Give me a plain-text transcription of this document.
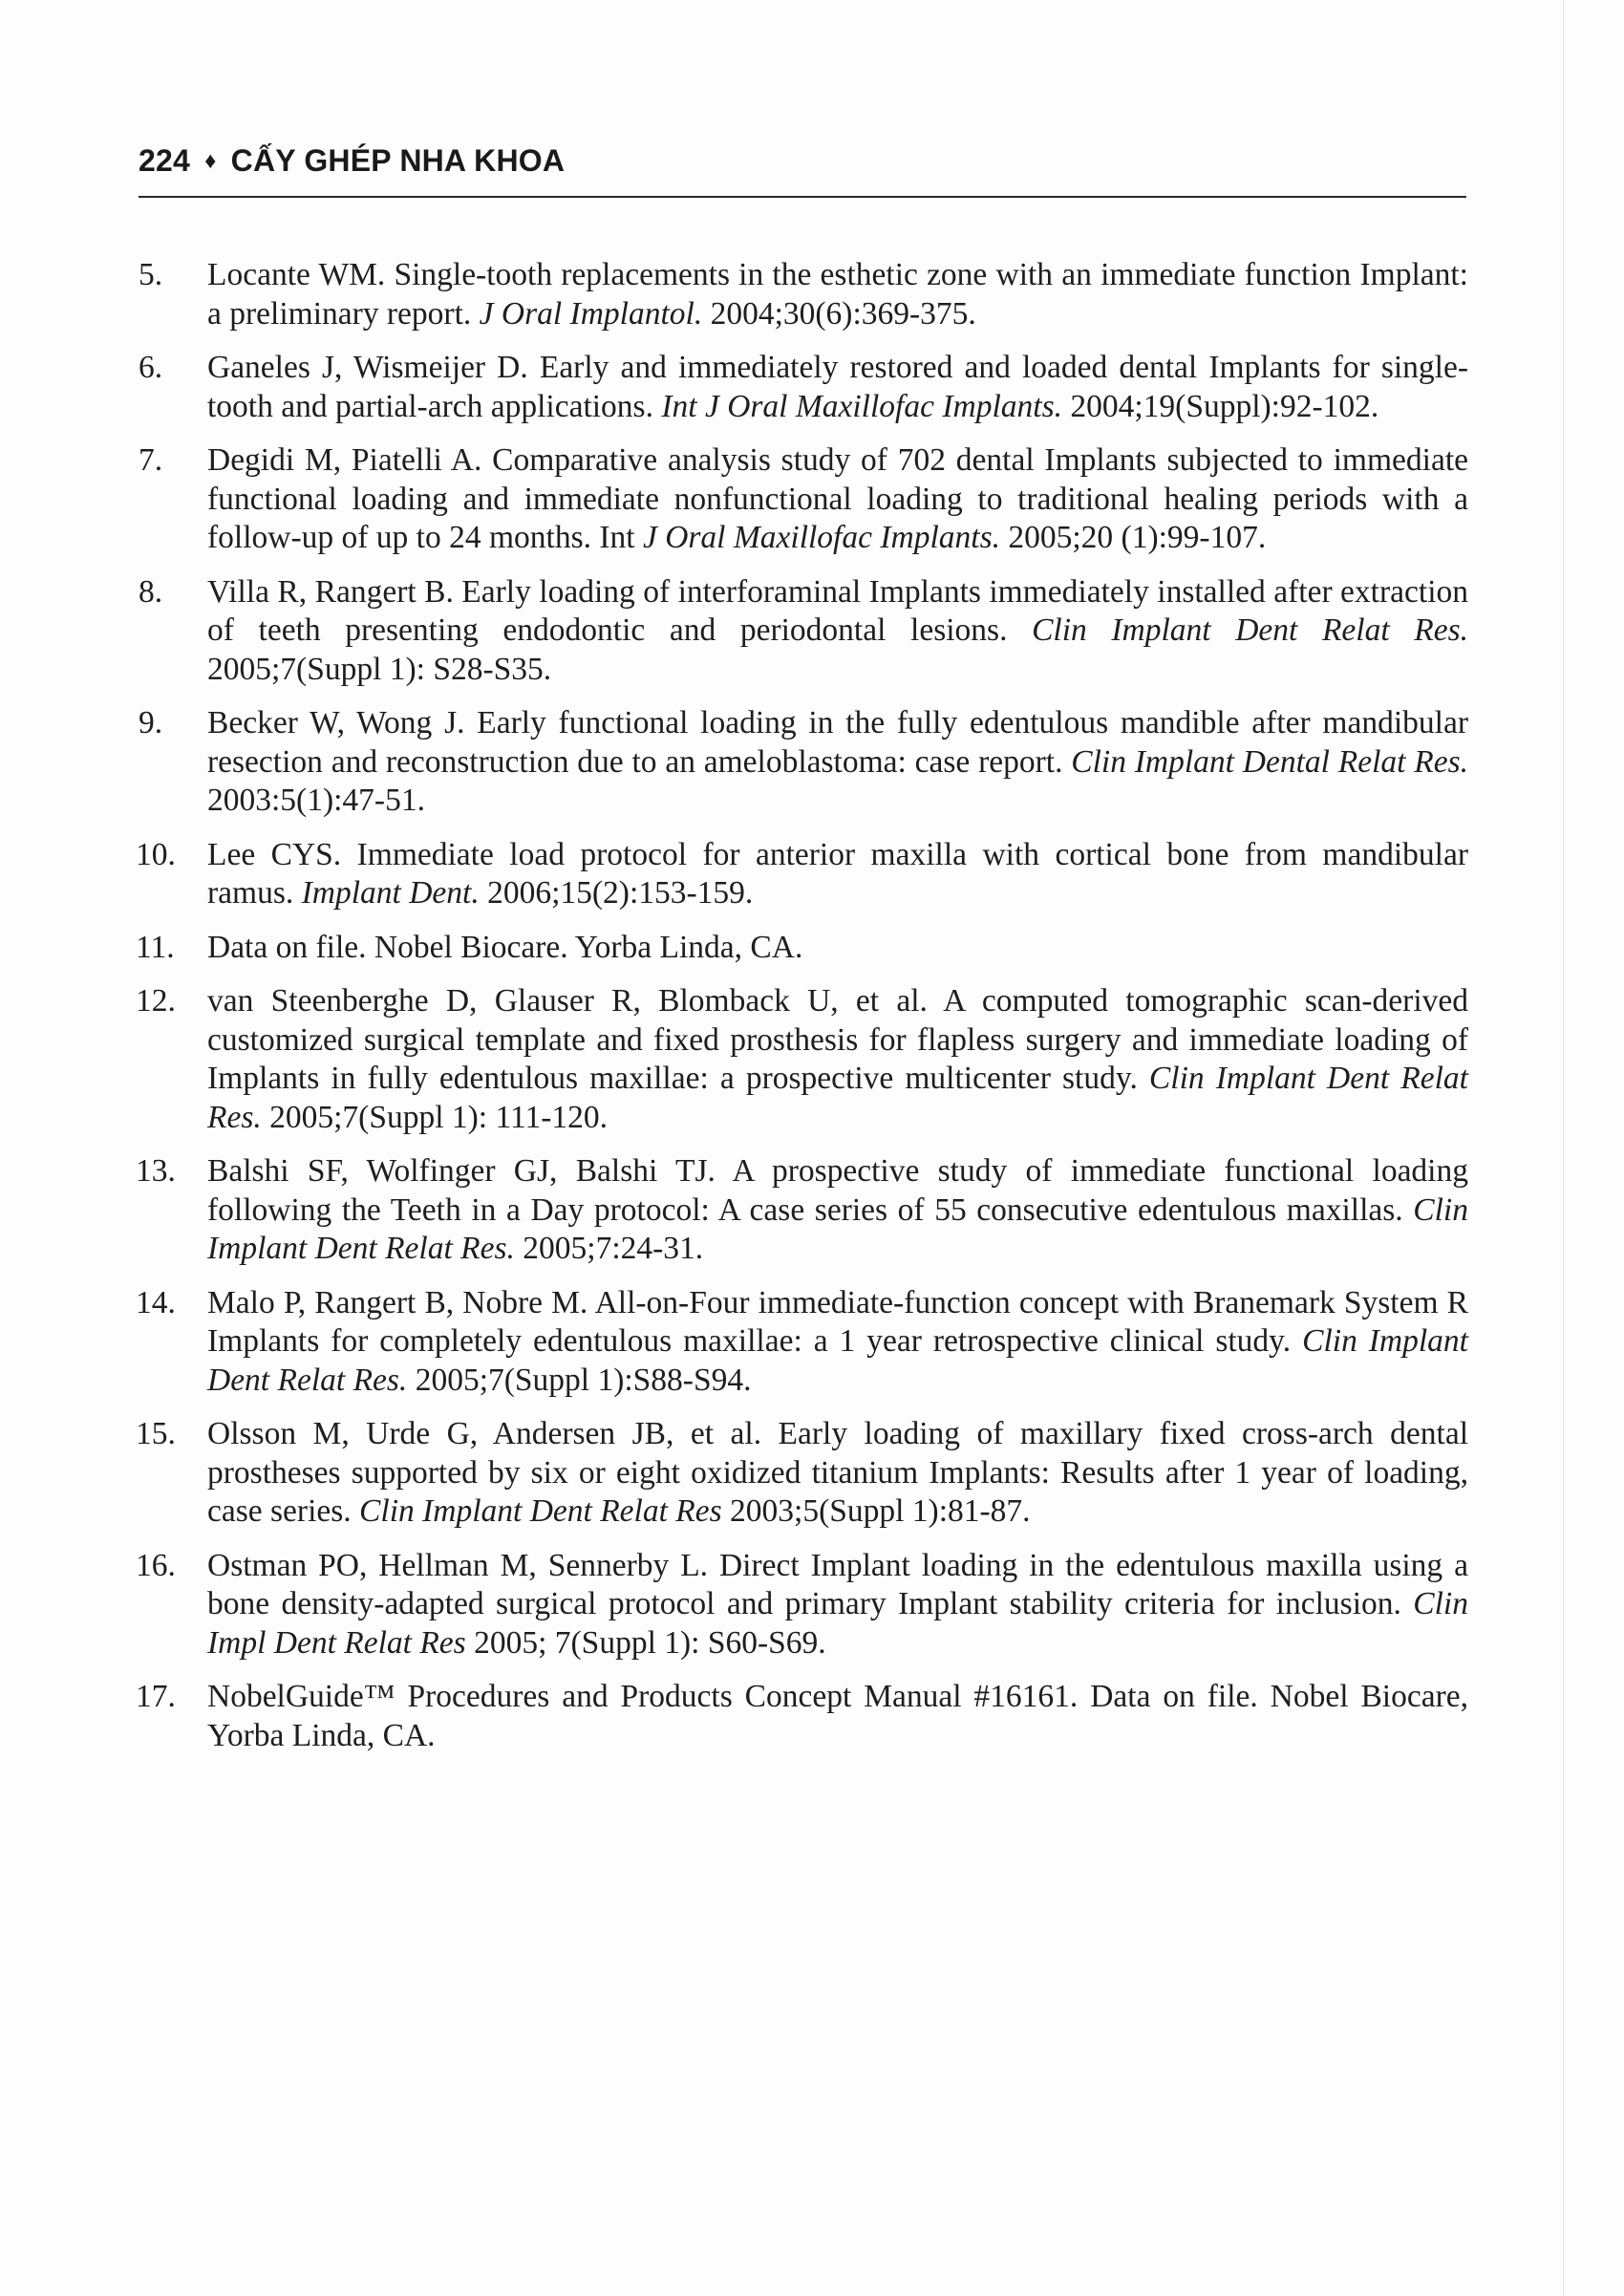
224 ♦ CẤY GHÉP NHA KHOA
5. Locante WM. Single-tooth replacements in the esthetic zone with an immediate function Implant: a preliminary report. J Oral Implantol. 2004;30(6):369-375.
6. Ganeles J, Wismeijer D. Early and immediately restored and loaded dental Implants for single-tooth and partial-arch applications. Int J Oral Maxillofac Implants. 2004;19(Suppl):92-102.
7. Degidi M, Piatelli A. Comparative analysis study of 702 dental Implants subjected to immediate functional loading and immediate nonfunctional loading to traditional healing periods with a follow-up of up to 24 months. Int J Oral Maxillofac Implants. 2005;20 (1):99-107.
8. Villa R, Rangert B. Early loading of interforaminal Implants immediately installed after extraction of teeth presenting endodontic and periodontal lesions. Clin Implant Dent Relat Res. 2005;7(Suppl 1): S28-S35.
9. Becker W, Wong J. Early functional loading in the fully edentulous mandible after mandibular resection and reconstruction due to an ameloblastoma: case report. Clin Implant Dental Relat Res. 2003:5(1):47-51.
10. Lee CYS. Immediate load protocol for anterior maxilla with cortical bone from mandibular ramus. Implant Dent. 2006;15(2):153-159.
11. Data on file. Nobel Biocare. Yorba Linda, CA.
12. van Steenberghe D, Glauser R, Blomback U, et al. A computed tomographic scan-derived customized surgical template and fixed prosthesis for flapless surgery and immediate loading of Implants in fully edentulous maxillae: a prospective multicenter study. Clin Implant Dent Relat Res. 2005;7(Suppl 1): 111-120.
13. Balshi SF, Wolfinger GJ, Balshi TJ. A prospective study of immediate functional loading following the Teeth in a Day protocol: A case series of 55 consecutive edentulous maxillas. Clin Implant Dent Relat Res. 2005;7:24-31.
14. Malo P, Rangert B, Nobre M. All-on-Four immediate-function concept with Branemark System R Implants for completely edentulous maxillae: a 1 year retrospective clinical study. Clin Implant Dent Relat Res. 2005;7(Suppl 1):S88-S94.
15. Olsson M, Urde G, Andersen JB, et al. Early loading of maxillary fixed cross-arch dental prostheses supported by six or eight oxidized titanium Implants: Results after 1 year of loading, case series. Clin Implant Dent Relat Res 2003;5(Suppl 1):81-87.
16. Ostman PO, Hellman M, Sennerby L. Direct Implant loading in the edentulous maxilla using a bone density-adapted surgical protocol and primary Implant stability criteria for inclusion. Clin Impl Dent Relat Res 2005; 7(Suppl 1): S60-S69.
17. NobelGuide™ Procedures and Products Concept Manual #16161. Data on file. Nobel Biocare, Yorba Linda, CA.
